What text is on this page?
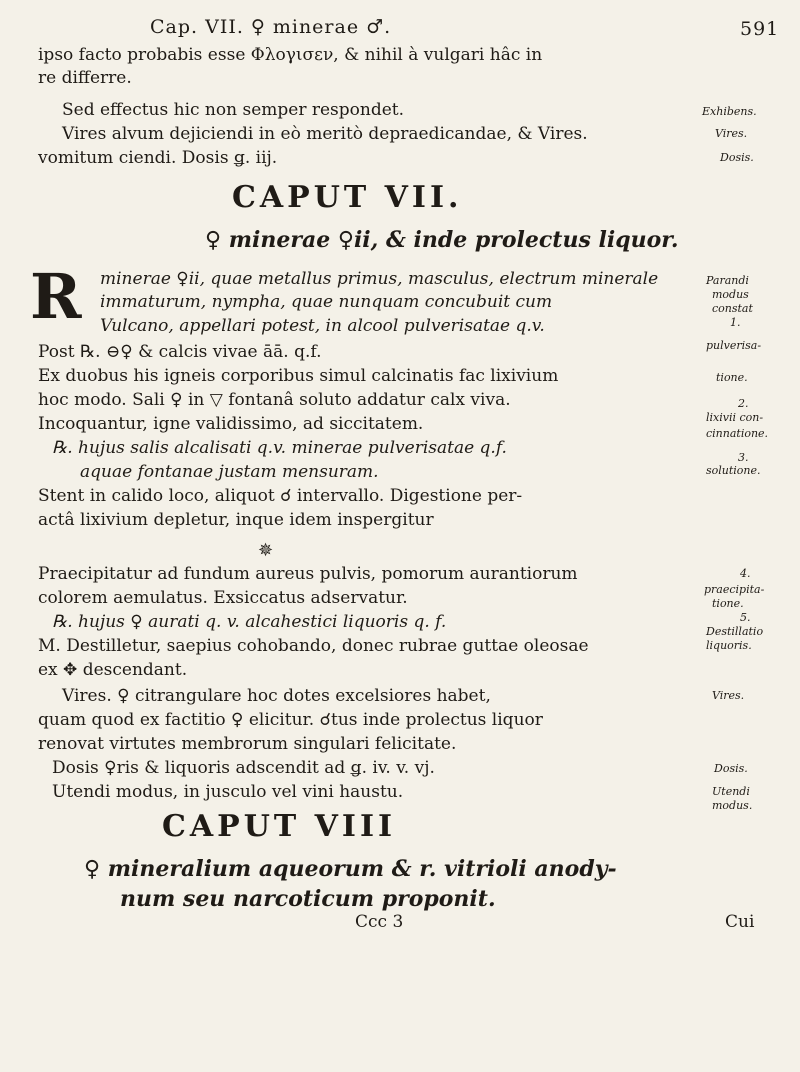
Cap. VII. ♀ minerae ♂.	591
ipso facto probabis esse Φλογισεν, & nihil à vulgari hâc in
re differre.
Sed effectus hic non semper respondet.
Vires alvum dejiciendi in eò meritò depraedicandae, & Vires.
vomitum ciendi. Dosis ǥ. iij.
CAPUT VII.
♀ minerae ♀ii, & inde prolectus liquor.
R minerae ♀ii, quae metallus primus, masculus, electrum minerale
immaturum, nympha, quae nunquam concubuit cum
Vulcano, appellari potest, in alcool pulverisatae q.v.
Post ℞. ⊖♀ & calcis vivae āā. q.f.
Ex duobus his igneis corporibus simul calcinatis fac lixivium
hoc modo. Sali ♀ in ▽ fontanâ soluto addatur calx viva.
Incoquantur, igne validissimo, ad siccitatem.
℞. hujus salis alcalisati q.v. minerae pulverisatae q.f.
aquae fontanae justam mensuram.
Stent in calido loco, aliquot ☌ intervallo. Digestione per-
actâ lixivium depletur, inque idem inspergitur
Praecipitatur ad fundum aureus pulvis, pomorum aurantiorum
colorem aemulatus. Exsiccatus adservatur.
℞. hujus ♀ aurati q. v. alcahestici liquoris q. f.
M. Destilletur, saepius cohobando, donec rubrae guttae oleosae
ex ✥ descendant.
Vires. ♀ citrangulare hoc dotes excelsiores habet,
quam quod ex factitio ♀ elicitur. ☌tus inde prolectus liquor
renovat virtutes membrorum singulari felicitate.
Dosis ♀ris & liquoris adscendit ad ǥ. iv. v. vj.
Utendi modus, in jusculo vel vini haustu.
✵
CAPUT VIII
♀ mineralium aqueorum & r. vitrioli anody-
num seu narcoticum proponit.
Ccc 3	Cui
Exhibens.
Vires.
Dosis.
Parandi
modus
constat
1.
pulverisa-
tione.
2.
lixivii con-
cinnatione.
3.
solutione.
4.
praecipita-
tione.
5.
Destillatio
liquoris.
Vires.
Dosis.
Utendi
modus.
